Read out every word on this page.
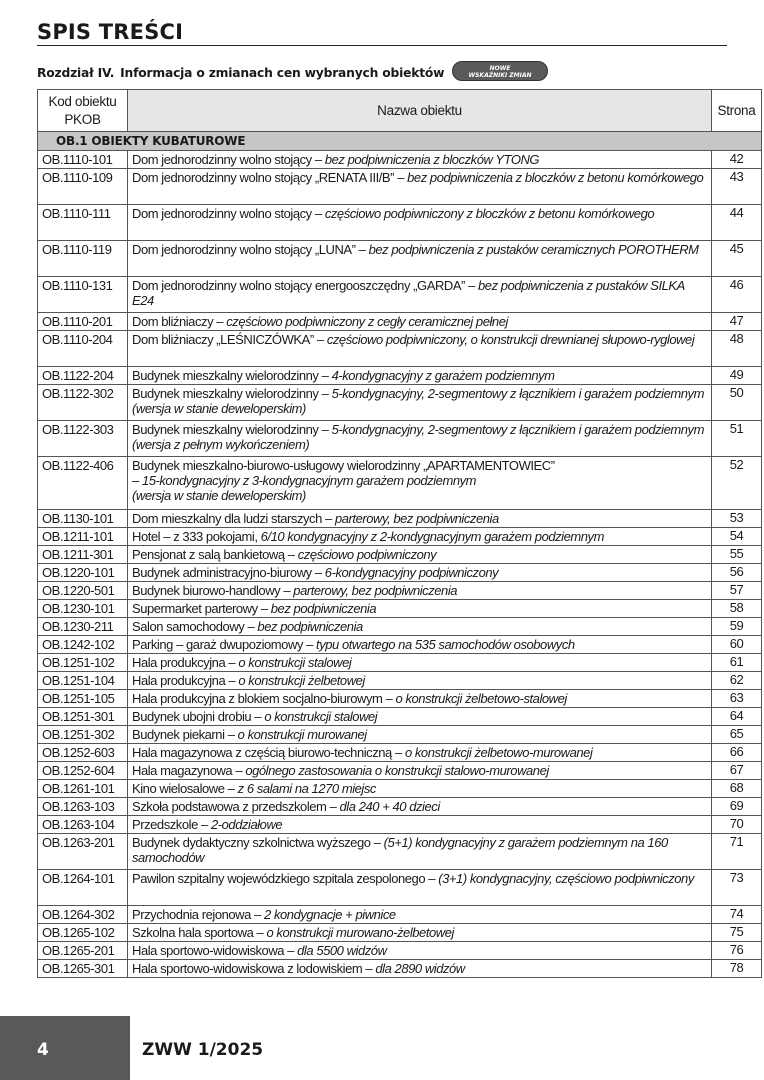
SPIS TREŚCI
Rozdział IV. Informacja o zmianach cen wybranych obiektów	NOWE
WSKAŹNIKI ZMIAN
Kod obiektu PKOB	Nazwa obiektu	Strona
OB.1 OBIEKTY KUBATUROWE		
OB.1110-101	Dom jednorodzinny wolno stojący – bez podpiwniczenia z bloczków YTONG	42
OB.1110-109	Dom jednorodzinny wolno stojący „RENATA III/B” – bez podpiwniczenia z bloczków z betonu komórkowego	43
OB.1110-111	Dom jednorodzinny wolno stojący – częściowo podpiwniczony z bloczków z betonu komórkowego	44
OB.1110-119	Dom jednorodzinny wolno stojący „LUNA” – bez podpiwniczenia z pustaków ceramicznych POROTHERM	45
OB.1110-131	Dom jednorodzinny wolno stojący energooszczędny „GARDA” – bez podpiwniczenia z pustaków SILKA E24	46
OB.1110-201	Dom bliźniaczy – częściowo podpiwniczony z cegły ceramicznej pełnej	47
OB.1110-204	Dom bliźniaczy „LEŚNICZÓWKA” – częściowo podpiwniczony, o konstrukcji drewnianej słupowo-ryglowej	48
OB.1122-204	Budynek mieszkalny wielorodzinny – 4-kondygnacyjny z garażem podziemnym	49
OB.1122-302	Budynek mieszkalny wielorodzinny – 5-kondygnacyjny, 2-segmentowy z łącznikiem i garażem podziemnym (wersja w stanie deweloperskim)	50
OB.1122-303	Budynek mieszkalny wielorodzinny – 5-kondygnacyjny, 2-segmentowy z łącznikiem i garażem podziemnym (wersja z pełnym wykończeniem)	51
OB.1122-406	Budynek mieszkalno-biurowo-usługowy wielorodzinny „APARTAMENTOWIEC”
– 15-kondygnacyjny z 3-kondygnacyjnym garażem podziemnym
(wersja w stanie deweloperskim)	52
OB.1130-101	Dom mieszkalny dla ludzi starszych – parterowy, bez podpiwniczenia	53
OB.1211-101	Hotel – z 333 pokojami, 6/10 kondygnacyjny z 2-kondygnacyjnym garażem podziemnym	54
OB.1211-301	Pensjonat z salą bankietową – częściowo podpiwniczony	55
OB.1220-101	Budynek administracyjno-biurowy – 6-kondygnacyjny podpiwniczony	56
OB.1220-501	Budynek biurowo-handlowy – parterowy, bez podpiwniczenia	57
OB.1230-101	Supermarket parterowy – bez podpiwniczenia	58
OB.1230-211	Salon samochodowy – bez podpiwniczenia	59
OB.1242-102	Parking – garaż dwupoziomowy – typu otwartego na 535 samochodów osobowych	60
OB.1251-102	Hala produkcyjna – o konstrukcji stalowej	61
OB.1251-104	Hala produkcyjna – o konstrukcji żelbetowej	62
OB.1251-105	Hala produkcyjna z blokiem socjalno-biurowym – o konstrukcji żelbetowo-stalowej	63
OB.1251-301	Budynek ubojni drobiu – o konstrukcji stalowej	64
OB.1251-302	Budynek piekarni – o konstrukcji murowanej	65
OB.1252-603	Hala magazynowa z częścią biurowo-techniczną – o konstrukcji żelbetowo-murowanej	66
OB.1252-604	Hala magazynowa – ogólnego zastosowania o konstrukcji stalowo-murowanej	67
OB.1261-101	Kino wielosalowe – z 6 salami na 1270 miejsc	68
OB.1263-103	Szkoła podstawowa z przedszkolem – dla 240 + 40 dzieci	69
OB.1263-104	Przedszkole – 2-oddziałowe	70
OB.1263-201	Budynek dydaktyczny szkolnictwa wyższego – (5+1) kondygnacyjny z garażem podziemnym na 160 samochodów	71
OB.1264-101	Pawilon szpitalny wojewódzkiego szpitala zespolonego – (3+1) kondygnacyjny, częściowo podpiwniczony	73
OB.1264-302	Przychodnia rejonowa – 2 kondygnacje + piwnice	74
OB.1265-102	Szkolna hala sportowa – o konstrukcji murowano-żelbetowej	75
OB.1265-201	Hala sportowo-widowiskowa – dla 5500 widzów	76
OB.1265-301	Hala sportowo-widowiskowa z lodowiskiem – dla 2890 widzów	78
4	ZWW 1/2025
